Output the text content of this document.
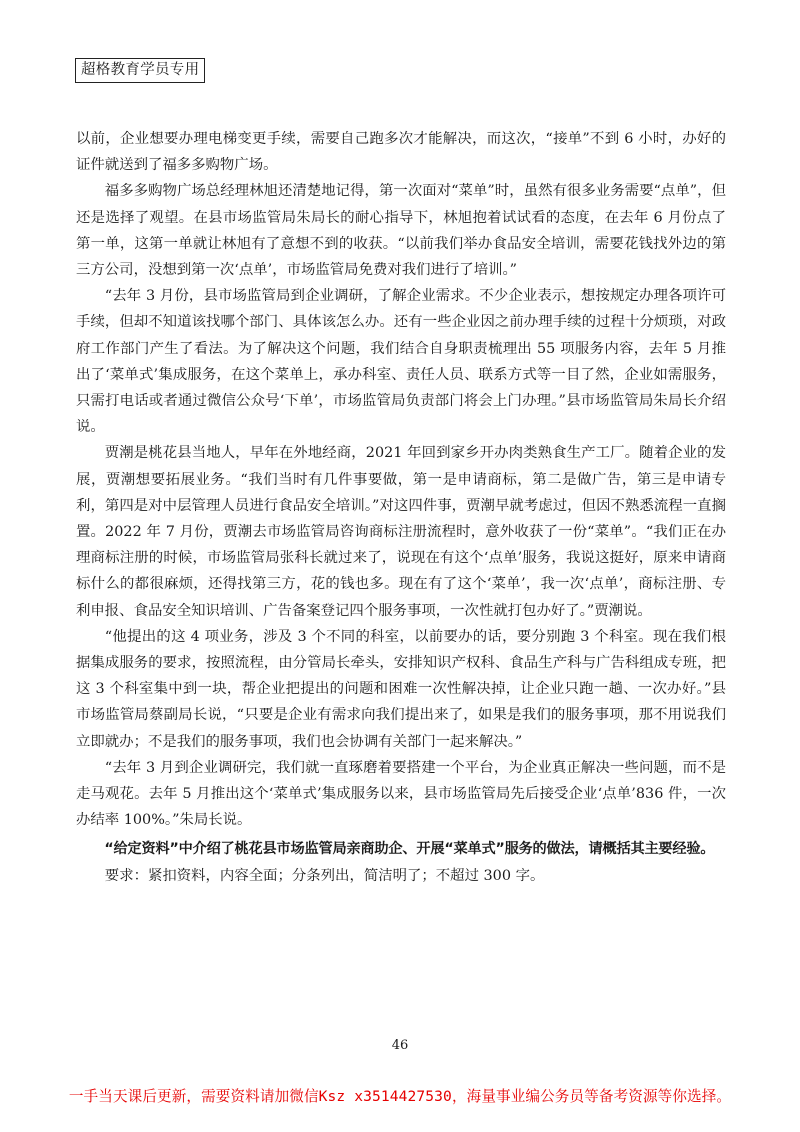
超格教育学员专用

以前，企业想要办理电梯变更手续，需要自己跑多次才能解决，而这次，“接单”不到 6 小时，办好的证件就送到了福多多购物广场。

福多多购物广场总经理林旭还清楚地记得，第一次面对“菜单”时，虽然有很多业务需要“点单”，但还是选择了观望。在县市场监管局朱局长的耐心指导下，林旭抱着试试看的态度，在去年 6 月份点了第一单，这第一单就让林旭有了意想不到的收获。“以前我们举办食品安全培训，需要花钱找外边的第三方公司，没想到第一次‘点单’，市场监管局免费对我们进行了培训。”

“去年 3 月份，县市场监管局到企业调研，了解企业需求。不少企业表示，想按规定办理各项许可手续，但却不知道该找哪个部门、具体该怎么办。还有一些企业因之前办理手续的过程十分烦琐，对政府工作部门产生了看法。为了解决这个问题，我们结合自身职责梳理出 55 项服务内容，去年 5 月推出了‘菜单式’集成服务，在这个菜单上，承办科室、责任人员、联系方式等一目了然，企业如需服务，只需打电话或者通过微信公众号‘下单’，市场监管局负责部门将会上门办理。”县市场监管局朱局长介绍说。

贾潮是桃花县当地人，早年在外地经商，2021 年回到家乡开办肉类熟食生产工厂。随着企业的发展，贾潮想要拓展业务。“我们当时有几件事要做，第一是申请商标，第二是做广告，第三是申请专利，第四是对中层管理人员进行食品安全培训。”对这四件事，贾潮早就考虑过，但因不熟悉流程一直搁置。2022 年 7 月份，贾潮去市场监管局咨询商标注册流程时，意外收获了一份“菜单”。“我们正在办理商标注册的时候，市场监管局张科长就过来了，说现在有这个‘点单’服务，我说这挺好，原来申请商标什么的都很麻烦，还得找第三方，花的钱也多。现在有了这个‘菜单’，我一次‘点单’，商标注册、专利申报、食品安全知识培训、广告备案登记四个服务事项，一次性就打包办好了。”贾潮说。

“他提出的这 4 项业务，涉及 3 个不同的科室，以前要办的话，要分别跑 3 个科室。现在我们根据集成服务的要求，按照流程，由分管局长牵头，安排知识产权科、食品生产科与广告科组成专班，把这 3 个科室集中到一块，帮企业把提出的问题和困难一次性解决掉，让企业只跑一趟、一次办好。”县市场监管局蔡副局长说，“只要是企业有需求向我们提出来了，如果是我们的服务事项，那不用说我们立即就办；不是我们的服务事项，我们也会协调有关部门一起来解决。”

“去年 3 月到企业调研完，我们就一直琢磨着要搭建一个平台，为企业真正解决一些问题，而不是走马观花。去年 5 月推出这个‘菜单式’集成服务以来，县市场监管局先后接受企业‘点单’836 件，一次办结率 100%。”朱局长说。

“给定资料”中介绍了桃花县市场监管局亲商助企、开展“菜单式”服务的做法，请概括其主要经验。

要求：紧扣资料，内容全面；分条列出，简洁明了；不超过 300 字。

46
一手当天课后更新，需要资料请加微信Ksz x3514427530，海量事业编公务员等备考资源等你选择。
